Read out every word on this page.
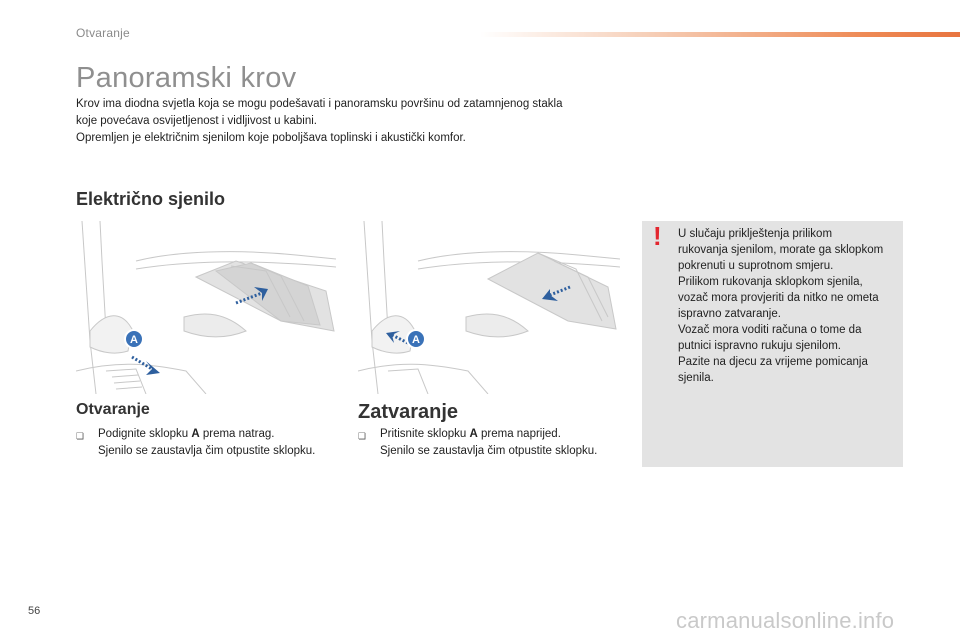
Otvaranje
Panoramski krov

Krov ima diodna svjetla koja se mogu podešavati i panoramsku površinu od zatamnjenog stakla

koje povećava osvijetljenost i vidljivost u kabini.

Opremljen je električnim sjenilom koje poboljšava toplinski i akustički komfor.

Električno sjenilo
A	A
Otvaranje	Zatvaranje
❏ Podignite sklopku A prema natrag.

Sjenilo se zaustavlja čim otpustite sklopku.

❏ Pritisnite sklopku A prema naprijed.

Sjenilo se zaustavlja čim otpustite sklopku.

! U slučaju priklještenja prilikom

rukovanja sjenilom, morate ga sklopkom

pokrenuti u suprotnom smjeru.

Prilikom rukovanja sklopkom sjenila,

vozač mora provjeriti da nitko ne ometa

ispravno zatvaranje.

Vozač mora voditi računa o tome da

putnici ispravno rukuju sjenilom.

Pazite na djecu za vrijeme pomicanja

sjenila.

56	carmanualsonline.info
